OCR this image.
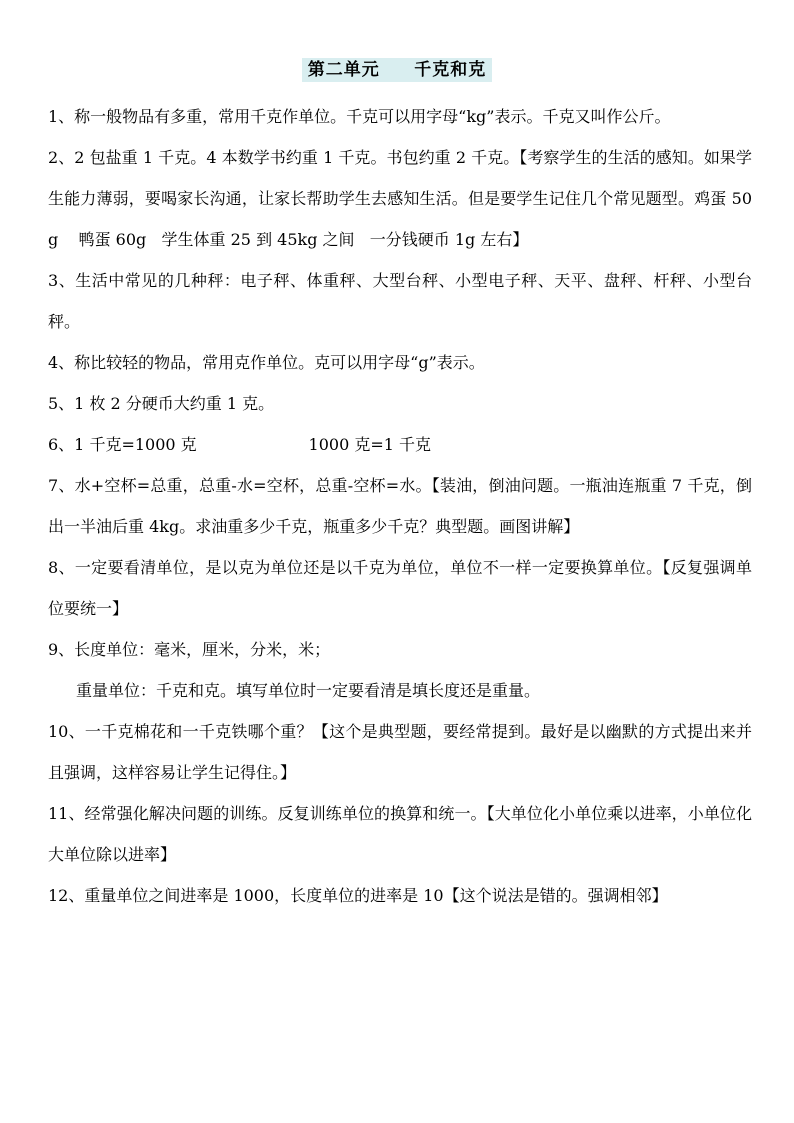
第二单元     千克和克

1、称一般物品有多重，常用千克作单位。千克可以用字母“kg”表示。千克又叫作公斤。

2、2 包盐重 1 千克。4 本数学书约重 1 千克。书包约重 2 千克。【考察学生的生活的感知。如果学生能力薄弱，要喝家长沟通，让家长帮助学生去感知生活。但是要学生记住几个常见题型。鸡蛋 50g    鸭蛋 60g   学生体重 25 到 45kg 之间   一分钱硬币 1g 左右】

3、生活中常见的几种秤：电子秤、体重秤、大型台秤、小型电子秤、天平、盘秤、杆秤、小型台秤。

4、称比较轻的物品，常用克作单位。克可以用字母“g”表示。

5、1 枚 2 分硬币大约重 1 克。

6、1 千克=1000 克                      1000 克=1 千克

7、水+空杯=总重，总重-水=空杯，总重-空杯=水。【装油，倒油问题。一瓶油连瓶重 7 千克，倒出一半油后重 4kg。求油重多少千克，瓶重多少千克？典型题。画图讲解】

8、一定要看清单位，是以克为单位还是以千克为单位，单位不一样一定要换算单位。【反复强调单位要统一】

9、长度单位：毫米，厘米，分米，米；

重量单位：千克和克。填写单位时一定要看清是填长度还是重量。

10、一千克棉花和一千克铁哪个重？【这个是典型题，要经常提到。最好是以幽默的方式提出来并且强调，这样容易让学生记得住。】

11、经常强化解决问题的训练。反复训练单位的换算和统一。【大单位化小单位乘以进率，小单位化大单位除以进率】

12、重量单位之间进率是 1000，长度单位的进率是 10【这个说法是错的。强调相邻】
